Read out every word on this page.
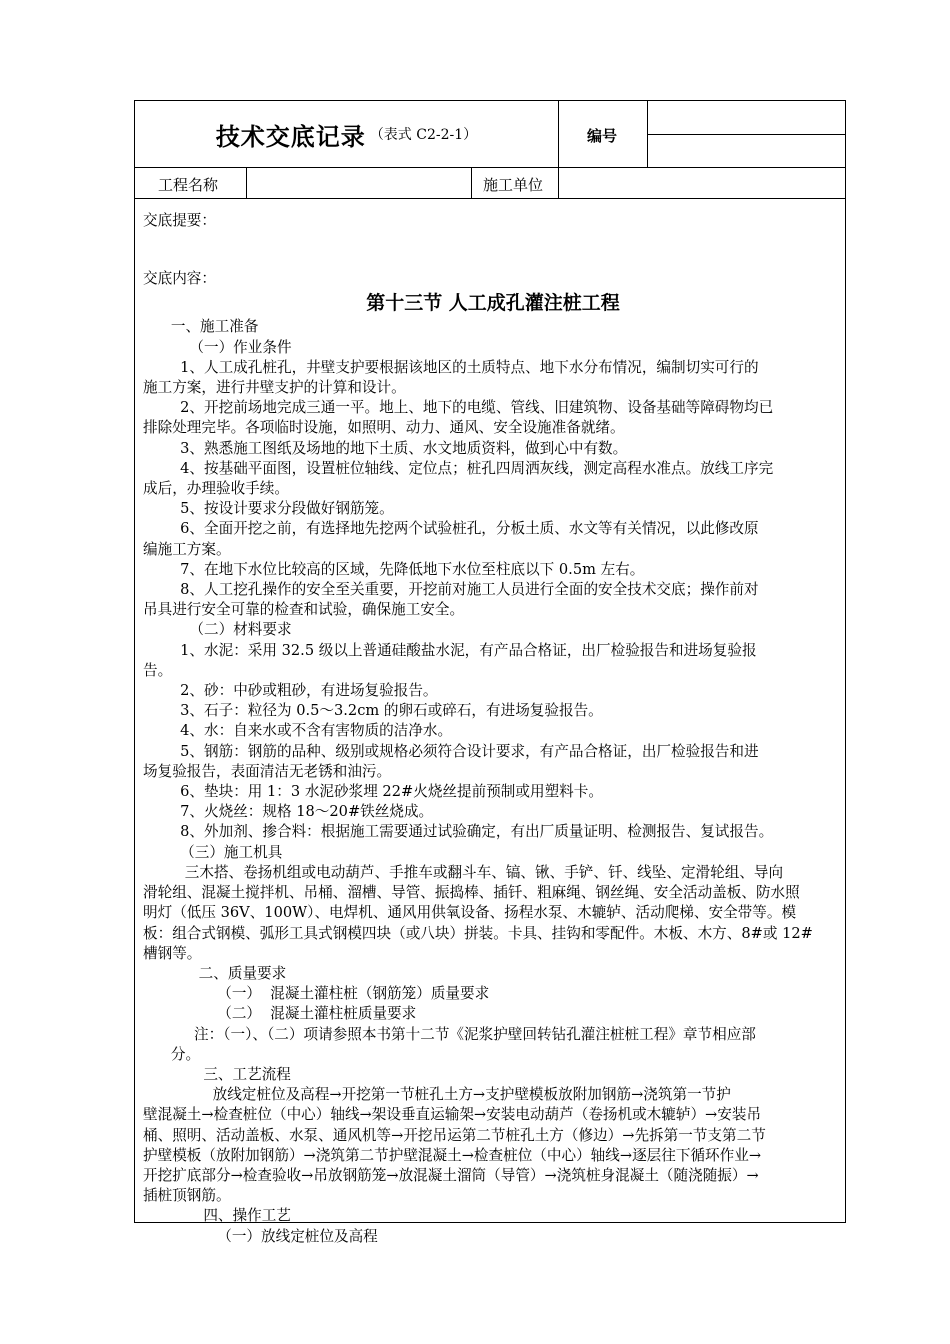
技术交底记录 （表式 C2-2-1）	编号
工程名称	施工单位

交底提要：

交底内容：

第十三节 人工成孔灌注桩工程

一、施工准备

（一）作业条件

1、人工成孔桩孔，井壁支护要根据该地区的土质特点、地下水分布情况，编制切实可行的

施工方案，进行井壁支护的计算和设计。

2、开挖前场地完成三通一平。地上、地下的电缆、管线、旧建筑物、设备基础等障碍物均已

排除处理完毕。各项临时设施，如照明、动力、通风、安全设施准备就绪。

3、熟悉施工图纸及场地的地下土质、水文地质资料，做到心中有数。

4、按基础平面图，设置桩位轴线、定位点；桩孔四周洒灰线，测定高程水准点。放线工序完

成后，办理验收手续。

5、按设计要求分段做好钢筋笼。

6、全面开挖之前，有选择地先挖两个试验桩孔，分板土质、水文等有关情况，以此修改原

编施工方案。

7、在地下水位比较高的区域，先降低地下水位至柱底以下 0.5m 左右。

8、人工挖孔操作的安全至关重要，开挖前对施工人员进行全面的安全技术交底；操作前对

吊具进行安全可靠的检查和试验，确保施工安全。

（二）材料要求

1、水泥：采用 32.5 级以上普通硅酸盐水泥，有产品合格证，出厂检验报告和进场复验报

告。

2、砂：中砂或粗砂，有进场复验报告。

3、石子：粒径为 0.5～3.2cm 的卵石或碎石，有进场复验报告。

4、水：自来水或不含有害物质的洁净水。

5、钢筋：钢筋的品种、级别或规格必须符合设计要求，有产品合格证，出厂检验报告和进

场复验报告，表面清洁无老锈和油污。

6、垫块：用 1：3 水泥砂浆埋 22#火烧丝提前预制或用塑料卡。

7、火烧丝：规格 18～20#铁丝烧成。

8、外加剂、掺合料：根据施工需要通过试验确定，有出厂质量证明、检测报告、复试报告。

（三）施工机具

三木搭、卷扬机组或电动葫芦、手推车或翻斗车、镐、锹、手铲、钎、线坠、定滑轮组、导向

滑轮组、混凝土搅拌机、吊桶、溜槽、导管、振捣棒、插钎、粗麻绳、钢丝绳、安全活动盖板、防水照

明灯（低压 36V、100W）、电焊机、通风用供氧设备、扬程水泵、木辘轳、活动爬梯、安全带等。模

板：组合式钢模、弧形工具式钢模四块（或八块）拼装。卡具、挂钩和零配件。木板、木方、8#或 12#

槽钢等。

二、质量要求

（一）  混凝土灌柱桩（钢筋笼）质量要求

（二）  混凝土灌柱桩质量要求

注：（一）、（二）项请参照本书第十二节《泥浆护壁回转钻孔灌注桩桩工程》章节相应部

分。

三、工艺流程

放线定桩位及高程→开挖第一节桩孔土方→支护壁模板放附加钢筋→浇筑第一节护

壁混凝土→检查桩位（中心）轴线→架设垂直运输架→安装电动葫芦（卷扬机或木辘轳）→安装吊

桶、照明、活动盖板、水泵、通风机等→开挖吊运第二节桩孔土方（修边）→先拆第一节支第二节

护壁模板（放附加钢筋）→浇筑第二节护壁混凝土→检查桩位（中心）轴线→逐层往下循环作业→

开挖扩底部分→检查验收→吊放钢筋笼→放混凝土溜筒（导管）→浇筑桩身混凝土（随浇随振）→

插桩顶钢筋。

四、操作工艺

（一）放线定桩位及高程
